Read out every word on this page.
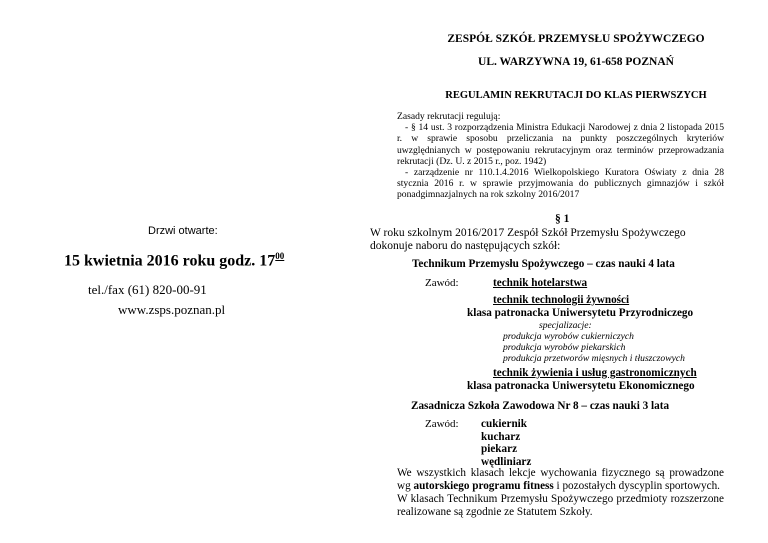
ZESPÓŁ SZKÓŁ PRZEMYSŁU SPOŻYWCZEGO
UL. WARZYWNA 19, 61-658 POZNAŃ
REGULAMIN REKRUTACJI DO KLAS PIERWSZYCH

Zasady rekrutacji regulują:

- § 14 ust. 3 rozporządzenia Ministra Edukacji Narodowej z dnia 2 listopada 2015 r. w sprawie sposobu przeliczania na punkty poszczególnych kryteriów uwzględnianych w postępowaniu rekrutacyjnym oraz terminów przeprowadzania rekrutacji (Dz. U. z 2015 r., poz. 1942)

- zarządzenie nr 110.1.4.2016 Wielkopolskiego Kuratora Oświaty z dnia 28 stycznia 2016 r. w sprawie przyjmowania do publicznych gimnazjów i szkół ponadgimnazjalnych na rok szkolny 2016/2017

Drzwi otwarte:
15 kwietnia 2016 roku godz. $17^{00}$
tel./fax (61) 820-00-91
www.zsps.poznan.pl
§ 1
W roku szkolnym 2016/2017 Zespół Szkół Przemysłu Spożywczego dokonuje naboru do następujących szkół:
Technikum Przemysłu Spożywczego – czas nauki 4 lata
Zawód:	technik hotelarstwa
technik technologii żywności
klasa patronacka Uniwersytetu Przyrodniczego
specjalizacje:
produkcja wyrobów cukierniczych
produkcja wyrobów piekarskich
produkcja przetworów mięsnych i tłuszczowych
technik żywienia i usług gastronomicznych
klasa patronacka Uniwersytetu Ekonomicznego
Zasadnicza Szkoła Zawodowa Nr 8 – czas nauki 3 lata
Zawód: cukiernik
kucharz
piekarz
wędliniarz

We wszystkich klasach lekcje wychowania fizycznego są prowadzone wg autorskiego programu fitness i pozostałych dyscyplin sportowych.

W klasach Technikum Przemysłu Spożywczego przedmioty rozszerzone realizowane są zgodnie ze Statutem Szkoły.
